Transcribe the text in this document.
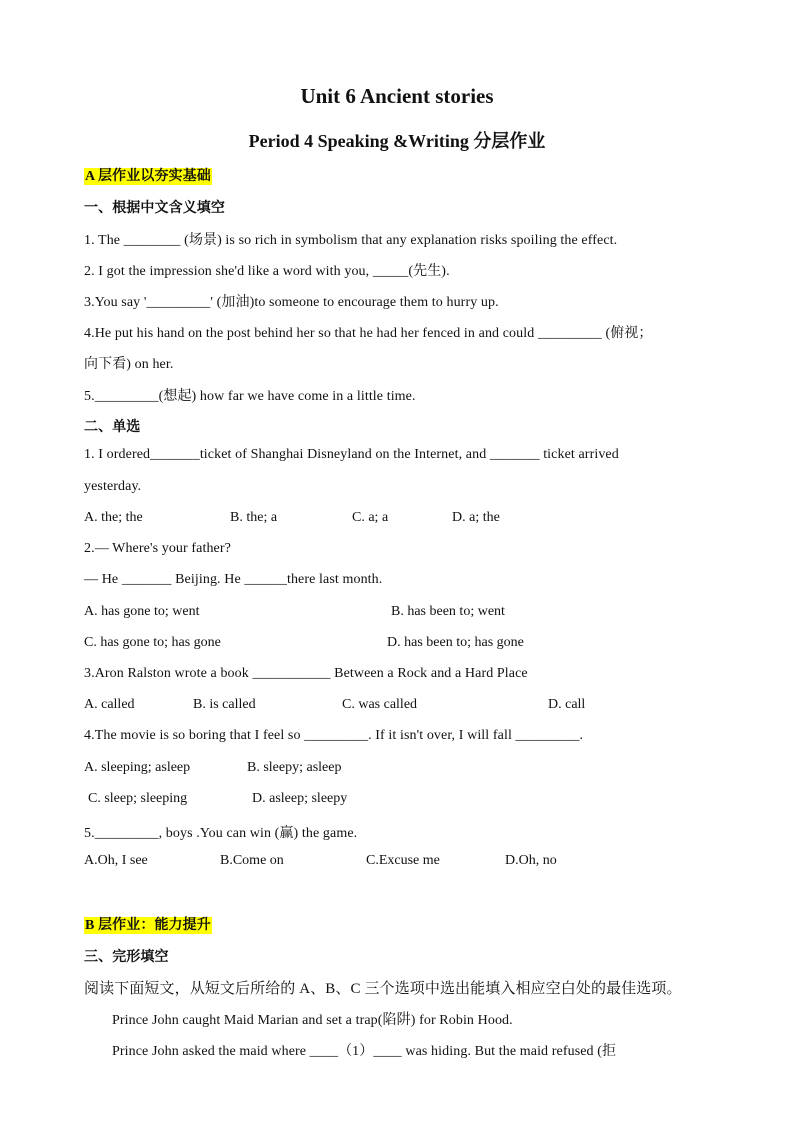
Unit 6 Ancient stories
Period 4 Speaking &Writing 分层作业
A 层作业以夯实基础
一、根据中文含义填空
1. The ________ (场景) is so rich in symbolism that any explanation risks spoiling the effect.
2. I got the impression she'd like a word with you, _____(先生).
3.You say '_________' (加油)to someone to encourage them to hurry up.
4.He put his hand on the post behind her so that he had her fenced in and could _________ (俯视；
向下看) on her.
5._________(想起) how far we have come in a little time.
二、单选
1. I ordered_______ticket of Shanghai Disneyland on the Internet, and _______ ticket arrived
yesterday.
A. the; the	B. the; a	C. a; a	D. a; the
2.— Where's your father?
— He _______ Beijing. He ______there last month.
A. has gone to; went	B. has been to; went
C. has gone to; has gone	D. has been to; has gone
3.Aron Ralston wrote a book ___________ Between a Rock and a Hard Place
A. called	B. is called	C. was called	D. call
4.The movie is so boring that I feel so _________. If it isn't over, I will fall _________.
A. sleeping; asleep	B. sleepy; asleep
C. sleep; sleeping	D. asleep; sleepy
5._________, boys .You can win (赢) the game.
A.Oh, I see	B.Come on	C.Excuse me	D.Oh, no
B 层作业：能力提升
三、完形填空
阅读下面短文，从短文后所给的 A、B、C 三个选项中选出能填入相应空白处的最佳选项。
Prince John caught Maid Marian and set a trap(陷阱) for Robin Hood.
Prince John asked the maid where ____（1）____ was hiding. But the maid refused (拒
